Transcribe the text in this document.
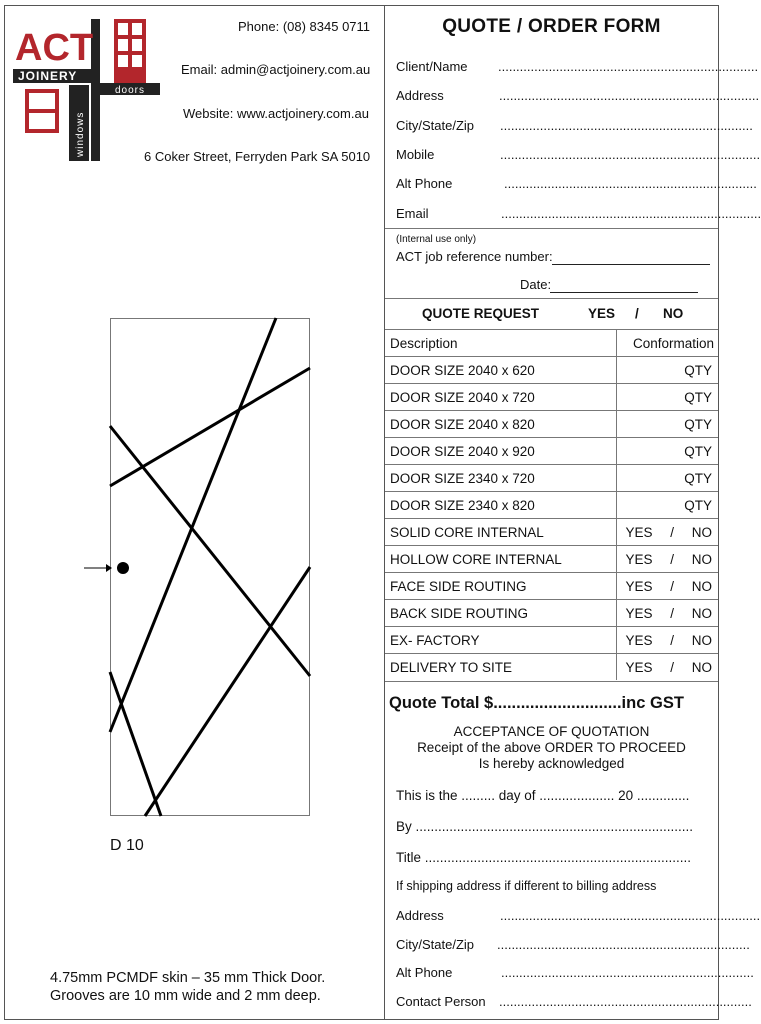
ACT
JOINERY
doors
windows
Phone: (08) 8345 0711
Email: admin@actjoinery.com.au
Website: www.actjoinery.com.au
6 Coker Street, Ferryden Park SA 5010
D 10
4.75mm PCMDF skin – 35 mm Thick Door.
Grooves are 10 mm wide and 2 mm deep.
QUOTE / ORDER FORM
Client/Name ........................................................................
Address	........................................................................
City/State/Zip ......................................................................
Mobile	........................................................................
Alt Phone	......................................................................
Email	........................................................................
(Internal use only)
ACT job reference number:
Date:
QUOTE REQUEST	YES / NO
Description	Conformation
DOOR SIZE 2040 x 620	QTY
DOOR SIZE 2040 x 720	QTY
DOOR SIZE 2040 x 820	QTY
DOOR SIZE 2040 x 920	QTY
DOOR SIZE 2340 x 720	QTY
DOOR SIZE 2340 x 820	QTY
SOLID CORE INTERNAL	YES / NO
HOLLOW CORE INTERNAL	YES / NO
FACE SIDE ROUTING	YES / NO
BACK SIDE ROUTING	YES / NO
EX- FACTORY	YES / NO
DELIVERY TO SITE	YES / NO
Quote Total $............................inc GST
ACCEPTANCE OF QUOTATION
Receipt of the above ORDER TO PROCEED
Is hereby acknowledged
This is the ......... day of .................... 20 ..............
By ..........................................................................
Title .......................................................................
If shipping address if different to billing address
Address	........................................................................
City/State/Zip ......................................................................
Alt Phone	......................................................................
Contact Person ......................................................................
